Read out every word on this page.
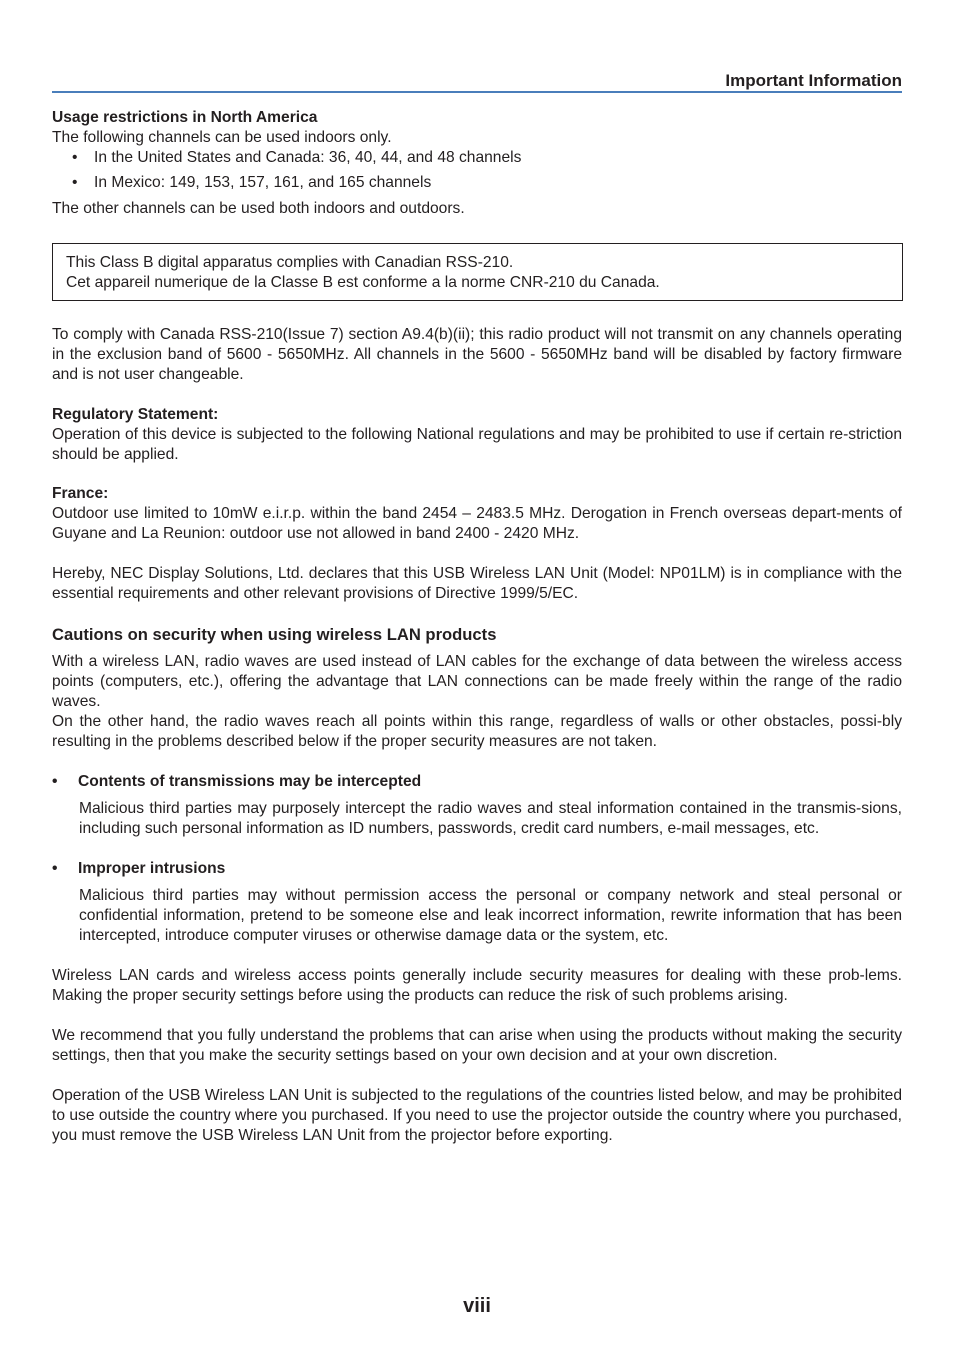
Important Information
Usage restrictions in North America
The following channels can be used indoors only.
• In the United States and Canada: 36, 40, 44, and 48 channels
• In Mexico: 149, 153, 157, 161, and 165 channels
The other channels can be used both indoors and outdoors.
This Class B digital apparatus complies with Canadian RSS-210.
Cet appareil numerique de la Classe B est conforme a la norme CNR-210 du Canada.
To comply with Canada RSS-210(Issue 7) section A9.4(b)(ii); this radio product will not transmit on any channels operating in the exclusion band of 5600 - 5650MHz. All channels in the 5600 - 5650MHz band will be disabled by factory firmware and is not user changeable.
Regulatory Statement:
Operation of this device is subjected to the following National regulations and may be prohibited to use if certain re-striction should be applied.
France:
Outdoor use limited to 10mW e.i.r.p. within the band 2454 – 2483.5 MHz. Derogation in French overseas depart-ments of Guyane and La Reunion: outdoor use not allowed in band 2400 - 2420 MHz.
Hereby, NEC Display Solutions, Ltd. declares that this USB Wireless LAN Unit (Model: NP01LM) is in compliance with the essential requirements and other relevant provisions of Directive 1999/5/EC.
Cautions on security when using wireless LAN products
With a wireless LAN, radio waves are used instead of LAN cables for the exchange of data between the wireless access points (computers, etc.), offering the advantage that LAN connections can be made freely within the range of the radio waves.
On the other hand, the radio waves reach all points within this range, regardless of walls or other obstacles, possi-bly resulting in the problems described below if the proper security measures are not taken.
• Contents of transmissions may be intercepted
Malicious third parties may purposely intercept the radio waves and steal information contained in the transmis-sions, including such personal information as ID numbers, passwords, credit card numbers, e-mail messages, etc.
• Improper intrusions
Malicious third parties may without permission access the personal or company network and steal personal or confidential information, pretend to be someone else and leak incorrect information, rewrite information that has been intercepted, introduce computer viruses or otherwise damage data or the system, etc.
Wireless LAN cards and wireless access points generally include security measures for dealing with these prob-lems. Making the proper security settings before using the products can reduce the risk of such problems arising.
We recommend that you fully understand the problems that can arise when using the products without making the security settings, then that you make the security settings based on your own decision and at your own discretion.
Operation of the USB Wireless LAN Unit is subjected to the regulations of the countries listed below, and may be prohibited to use outside the country where you purchased. If you need to use the projector outside the country where you purchased, you must remove the USB Wireless LAN Unit from the projector before exporting.
viii
